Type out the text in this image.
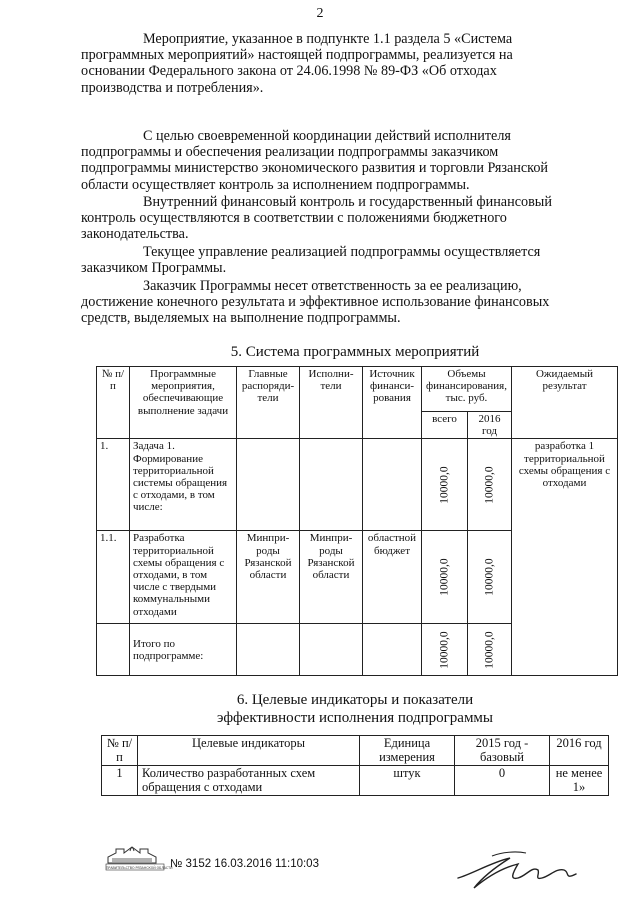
2
Мероприятие, указанное в подпункте 1.1 раздела 5 «Система
программных мероприятий» настоящей подпрограммы, реализуется на
основании Федерального закона от 24.06.1998 № 89-ФЗ «Об отходах
производства и потребления».
С целью своевременной координации действий исполнителя
подпрограммы и обеспечения реализации подпрограммы заказчиком
подпрограммы министерство экономического развития и торговли Рязанской
области осуществляет контроль за исполнением подпрограммы.
Внутренний финансовый контроль и государственный финансовый
контроль осуществляются в соответствии с положениями бюджетного
законодательства.
Текущее управление реализацией подпрограммы осуществляется
заказчиком Программы.
Заказчик Программы несет ответственность за ее реализацию,
достижение конечного результата и эффективное использование финансовых
средств, выделяемых на выполнение подпрограммы.
5. Система программных мероприятий
№ п/п	Программные мероприятия, обеспечивающие выполнение задачи	Главные распоряди-тели	Исполни-тели	Источник финанси-рования	Объемы финансирования, тыс. руб.		Ожидаемый результат
					всего	2016 год	
1.	Задача 1. Формирование территориальной системы обращения с отходами, в том числе:				10000,0	10000,0	разработка 1 территориальной схемы обращения с отходами
1.1.	Разработка территориальной схемы обращения с отходами, в том числе с твердыми коммунальными отходами	Минпри-роды Рязанской области	Минпри-роды Рязанской области	областной бюджет	10000,0	10000,0	

	Итого по подпрограмме:				10000,0	10000,0	
6. Целевые индикаторы и показатели
эффективности исполнения подпрограммы
№ п/п	Целевые индикаторы	Единица измерения	2015 год - базовый	2016 год
1	Количество разработанных схем обращения с отходами	штук	0	не менее 1»
ПРАВИТЕЛЬСТВО РЯЗАНСКОЙ ОБЛАСТИ
№ 3152 16.03.2016 11:10:03
